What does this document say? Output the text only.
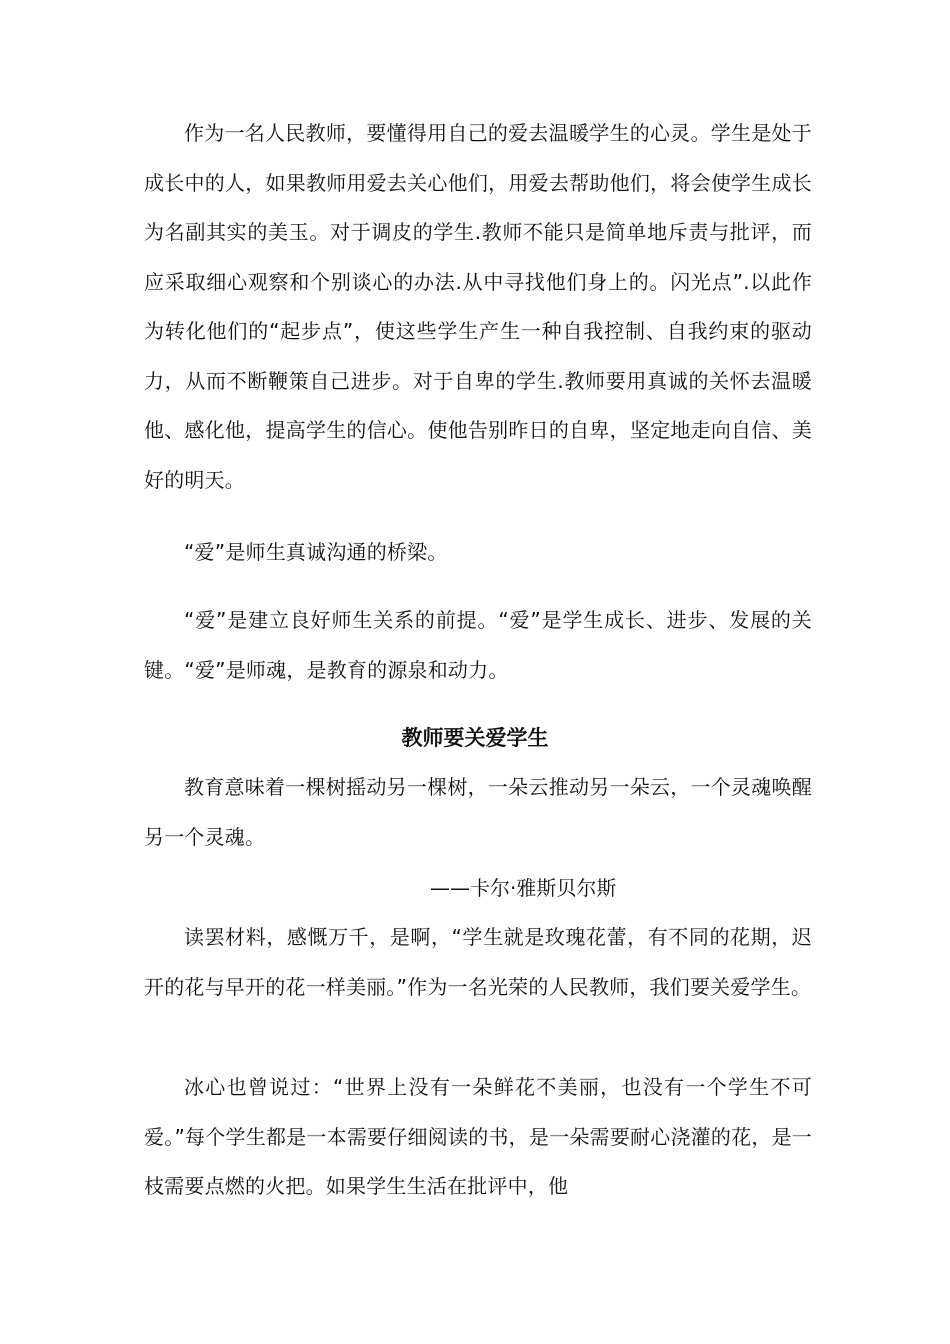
作为一名人民教师，要懂得用自己的爱去温暖学生的心灵。学生是处于成长中的人，如果教师用爱去关心他们，用爱去帮助他们，将会使学生成长为名副其实的美玉。对于调皮的学生.教师不能只是简单地斥责与批评，而应采取细心观察和个别谈心的办法.从中寻找他们身上的。闪光点”.以此作为转化他们的“起步点”，使这些学生产生一种自我控制、自我约束的驱动力，从而不断鞭策自己进步。对于自卑的学生.教师要用真诚的关怀去温暖他、感化他，提高学生的信心。使他告别昨日的自卑，坚定地走向自信、美好的明天。

“爱”是师生真诚沟通的桥梁。

“爱”是建立良好师生关系的前提。“爱”是学生成长、进步、发展的关键。“爱”是师魂，是教育的源泉和动力。

教师要关爱学生

教育意味着一棵树摇动另一棵树，一朵云推动另一朵云，一个灵魂唤醒另一个灵魂。

——卡尔·雅斯贝尔斯

读罢材料，感慨万千，是啊，“学生就是玫瑰花蕾，有不同的花期，迟开的花与早开的花一样美丽。”作为一名光荣的人民教师，我们要关爱学生。

冰心也曾说过：“世界上没有一朵鲜花不美丽，也没有一个学生不可爱。”每个学生都是一本需要仔细阅读的书，是一朵需要耐心浇灌的花，是一枝需要点燃的火把。如果学生生活在批评中，他
